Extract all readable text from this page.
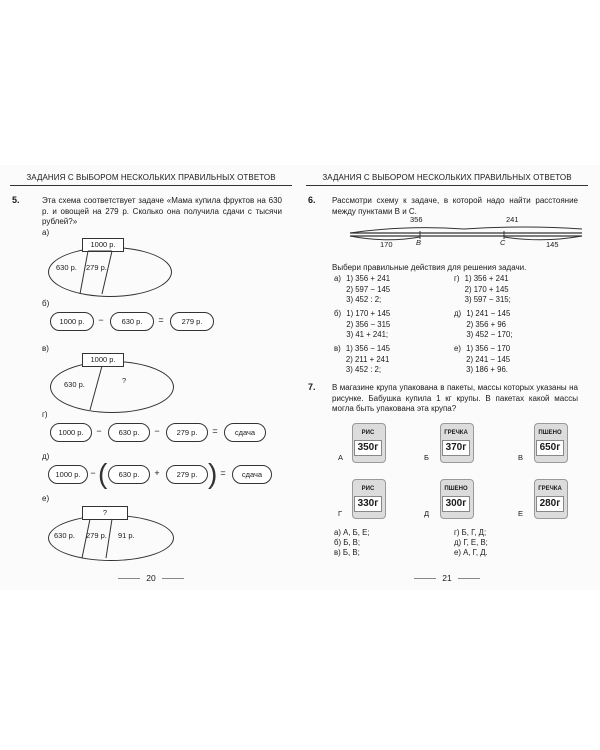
ЗАДАНИЯ С ВЫБОРОМ НЕСКОЛЬКИХ ПРАВИЛЬНЫХ ОТВЕТОВ
5.	Эта схема соответствует задаче «Мама купила фруктов на 630 р. и овощей на 279 р. Сколько она получила сдачи с тысячи рублей?»
а)
1000 р.
630 р. 279 р.
б)
1000 р.	−	630 р.	=	279 р.
в)
1000 р.
630 р.	?
г)
1000 р.	−	630 р.	−	279 р.	=	сдача
д)
1000 р.	− (	630 р.	+	279 р. ) =	сдача
е)
?
630 р. 279 р. 91 р.
20
ЗАДАНИЯ С ВЫБОРОМ НЕСКОЛЬКИХ ПРАВИЛЬНЫХ ОТВЕТОВ
6. Рассмотри схему к задаче, в которой надо найти расстояние между пунктами В и С.
356	241
170	145
B	C
Выбери правильные действия для решения задачи.
а) 1) 356 + 241
2) 597 − 145
3) 452 : 2;
г) 1) 356 + 241
2) 170 + 145
3) 597 − 315;
б) 1) 170 + 145
2) 356 − 315
3) 41 + 241;
д) 1) 241 − 145
2) 356 + 96
3) 452 − 170;
в) 1) 356 − 145
2) 211 + 241
3) 452 : 2;
е) 1) 356 − 170
2) 241 − 145
3) 186 + 96.
7. В магазине крупа упакована в пакеты, массы которых указаны на рисунке. Бабушка купила 1 кг крупы. В пакетах какой массы могла быть упакована эта крупа?
А
РИС
350г
Б
ГРЕЧКА
370г
В
ПШЕНО
650г
Г
РИС
330г
Д
ПШЕНО
300г
Е
ГРЕЧКА
280г
а) А, Б, Е;	г) Б, Г, Д;
б) Б, В;	д) Г, Е, В;
в) Б, В;	е) А, Г, Д.
21
